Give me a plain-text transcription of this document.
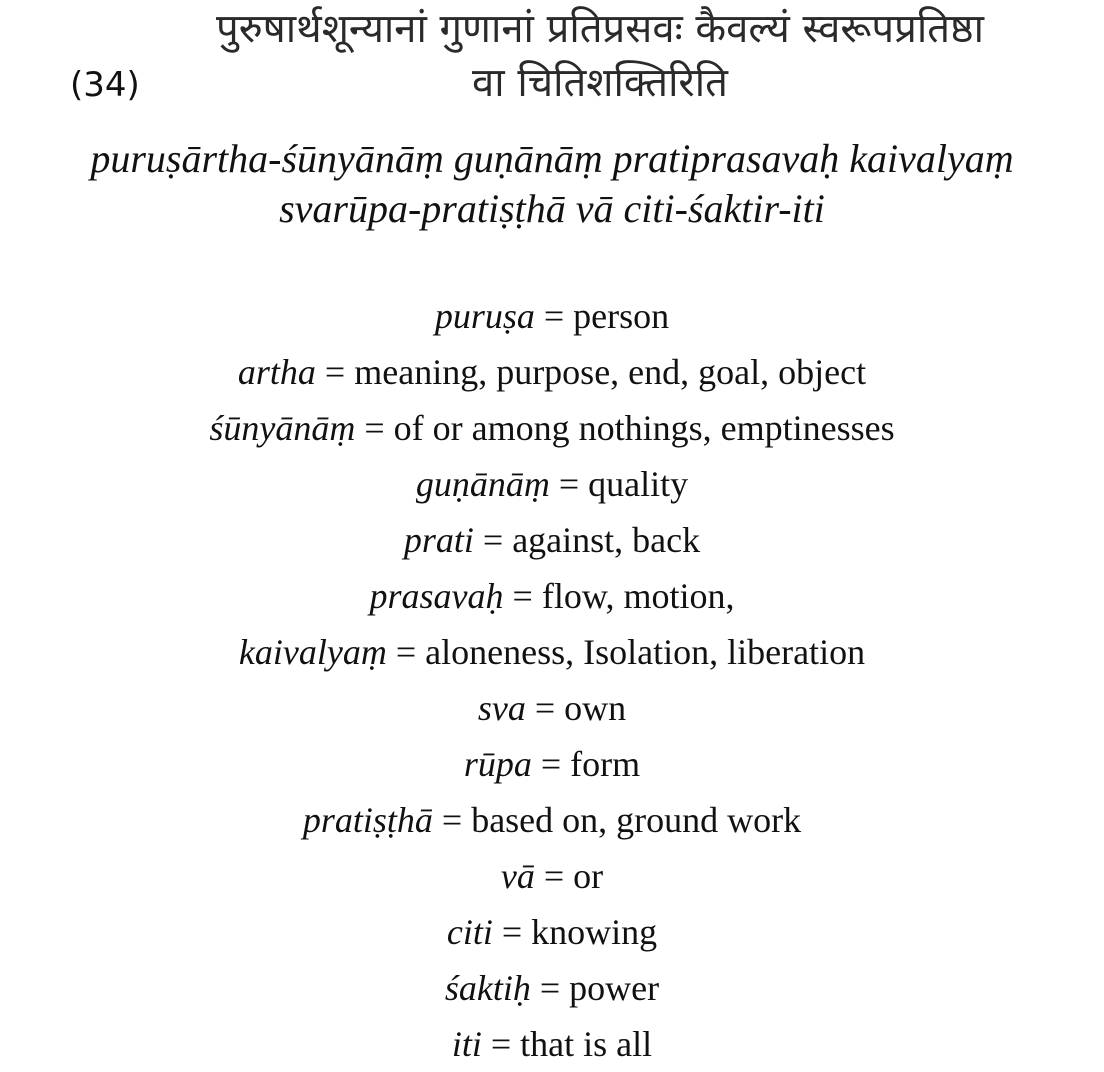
पुरुषार्थशून्यानां गुणानां प्रतिप्रसवः कैवल्यं स्वरूपप्रतिष्ठा
वा चितिशक्तिरिति
(34)
puruṣārtha-śūnyānāṃ guṇānāṃ pratiprasavaḥ kaivalyaṃ
svarūpa-pratiṣṭhā vā citi-śaktir-iti
puruṣa = person
artha = meaning, purpose, end, goal, object
śūnyānāṃ = of or among nothings, emptinesses
guṇānāṃ = quality
prati = against, back
prasavaḥ = flow, motion,
kaivalyaṃ = aloneness, Isolation, liberation
sva = own
rūpa = form
pratiṣṭhā = based on, ground work
vā = or
citi = knowing
śaktiḥ = power
iti = that is all
